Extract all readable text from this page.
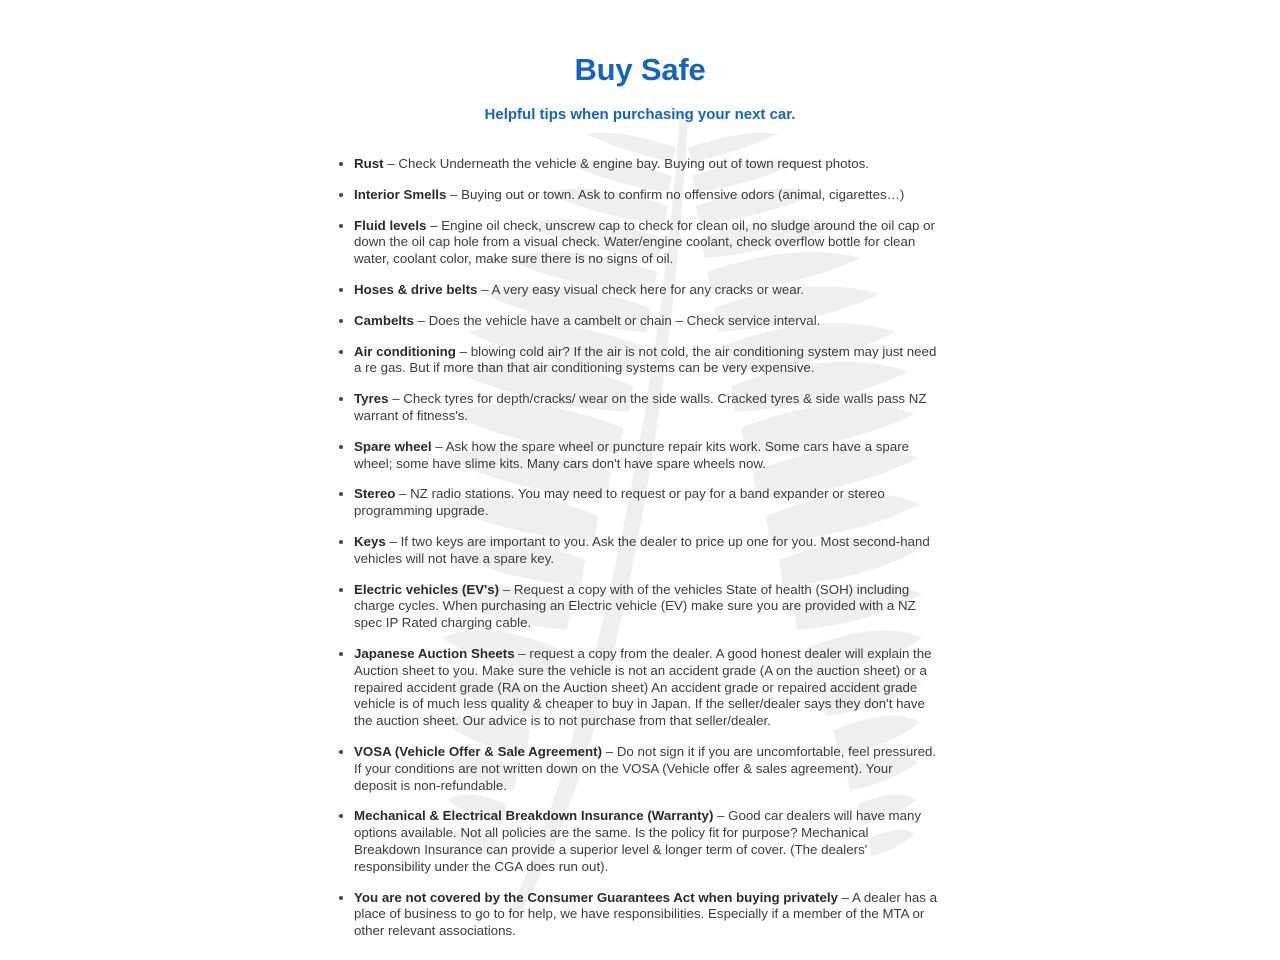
Buy Safe
Helpful tips when purchasing your next car.
Rust – Check Underneath the vehicle & engine bay. Buying out of town request photos.
Interior Smells – Buying out or town. Ask to confirm no offensive odors (animal, cigarettes…)
Fluid levels – Engine oil check, unscrew cap to check for clean oil, no sludge around the oil cap or down the oil cap hole from a visual check. Water/engine coolant, check overflow bottle for clean water, coolant color, make sure there is no signs of oil.
Hoses & drive belts – A very easy visual check here for any cracks or wear.
Cambelts – Does the vehicle have a cambelt or chain – Check service interval.
Air conditioning – blowing cold air? If the air is not cold, the air conditioning system may just need a re gas. But if more than that air conditioning systems can be very expensive.
Tyres – Check tyres for depth/cracks/ wear on the side walls. Cracked tyres & side walls pass NZ warrant of fitness's.
Spare wheel – Ask how the spare wheel or puncture repair kits work. Some cars have a spare wheel; some have slime kits. Many cars don't have spare wheels now.
Stereo – NZ radio stations. You may need to request or pay for a band expander or stereo programming upgrade.
Keys – If two keys are important to you. Ask the dealer to price up one for you. Most second-hand vehicles will not have a spare key.
Electric vehicles (EV's) – Request a copy with of the vehicles State of health (SOH) including charge cycles. When purchasing an Electric vehicle (EV) make sure you are provided with a NZ spec IP Rated charging cable.
Japanese Auction Sheets – request a copy from the dealer. A good honest dealer will explain the Auction sheet to you. Make sure the vehicle is not an accident grade (A on the auction sheet) or a repaired accident grade (RA on the Auction sheet) An accident grade or repaired accident grade vehicle is of much less quality & cheaper to buy in Japan. If the seller/dealer says they don't have the auction sheet. Our advice is to not purchase from that seller/dealer.
VOSA (Vehicle Offer & Sale Agreement) – Do not sign it if you are uncomfortable, feel pressured. If your conditions are not written down on the VOSA (Vehicle offer & sales agreement). Your deposit is non-refundable.
Mechanical & Electrical Breakdown Insurance (Warranty) – Good car dealers will have many options available. Not all policies are the same. Is the policy fit for purpose? Mechanical Breakdown Insurance can provide a superior level & longer term of cover. (The dealers' responsibility under the CGA does run out).
You are not covered by the Consumer Guarantees Act when buying privately – A dealer has a place of business to go to for help, we have responsibilities. Especially if a member of the MTA or other relevant associations.
